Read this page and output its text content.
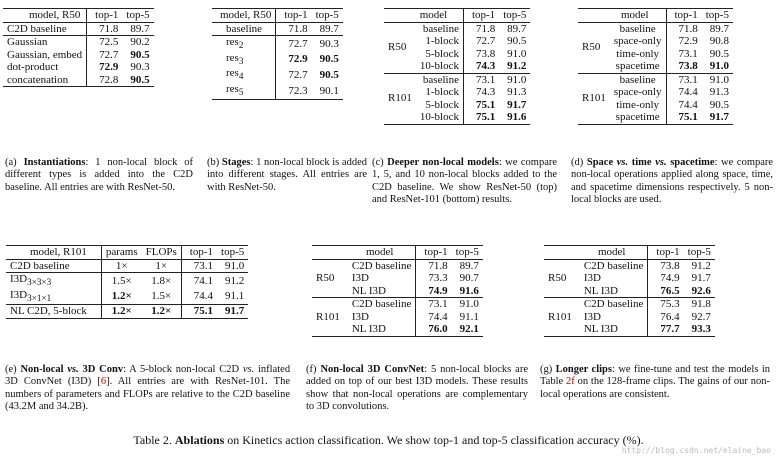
model, R50	top-1	top-5
C2D baseline	71.8	89.7
Gaussian	72.5	90.2
Gaussian, embed	72.7	90.5
dot-product	72.9	90.3
concatenation	72.8	90.5
(a) Instantiations: 1 non-local block of different types is added into the C2D baseline. All entries are with ResNet-50.
model, R50	top-1	top-5
baseline	71.8	89.7
res$_2$	72.7	90.3
res$_3$	72.9	90.5
res$_4$	72.7	90.5
res$_5$	72.3	90.1
(b) Stages: 1 non-local block is added into different stages. All entries are with ResNet-50.
model		top-1	top-5
R50	baseline	71.8	89.7
	1-block	72.7	90.5
	5-block	73.8	91.0
	10-block	74.3	91.2
R101	baseline	73.1	91.0
	1-block	74.3	91.3
	5-block	75.1	91.7
	10-block	75.1	91.6
(c) Deeper non-local models: we compare 1, 5, and 10 non-local blocks added to the C2D baseline. We show ResNet-50 (top) and ResNet-101 (bottom) results.
model		top-1	top-5
R50	baseline	71.8	89.7
	space-only	72.9	90.8
	time-only	73.1	90.5
	spacetime	73.8	91.0
R101	baseline	73.1	91.0
	space-only	74.4	91.3
	time-only	74.4	90.5
	spacetime	75.1	91.7
(d) Space vs. time vs. spacetime: we compare non-local operations applied along space, time, and spacetime dimensions respectively. 5 non-local blocks are used.
model, R101	params	FLOPs	top-1	top-5
C2D baseline	1×	1×	73.1	91.0
$I3D_{3\times 3\times 3}$	1.5×	1.8×	74.1	91.2
$I3D_{3\times 1\times 1}$	1.2×	1.5×	74.4	91.1
NL C2D, 5-block	1.2×	1.2×	75.1	91.7
(e) Non-local vs. 3D Conv: A 5-block non-local C2D vs. inflated 3D ConvNet (I3D) [6]. All entries are with ResNet-101. The numbers of parameters and FLOPs are relative to the C2D baseline (43.2M and 34.2B).
model		top-1	top-5
R50	C2D baseline	71.8	89.7
	I3D	73.3	90.7
	NL I3D	74.9	91.6
R101	C2D baseline	73.1	91.0
	I3D	74.4	91.1
	NL I3D	76.0	92.1
(f) Non-local 3D ConvNet: 5 non-local blocks are added on top of our best I3D models. These results show that non-local operations are complementary to 3D convolutions.
model		top-1	top-5
R50	C2D baseline	73.8	91.2
	I3D	74.9	91.7
	NL I3D	76.5	92.6
R101	C2D baseline	75.3	91.8
	I3D	76.4	92.7
	NL I3D	77.7	93.3
(g) Longer clips: we fine-tune and test the models in Table 2f on the 128-frame clips. The gains of our non-local operations are consistent.
Table 2. Ablations on Kinetics action classification. We show top-1 and top-5 classification accuracy (%).
http://blog.csdn.net/elaine_bao
